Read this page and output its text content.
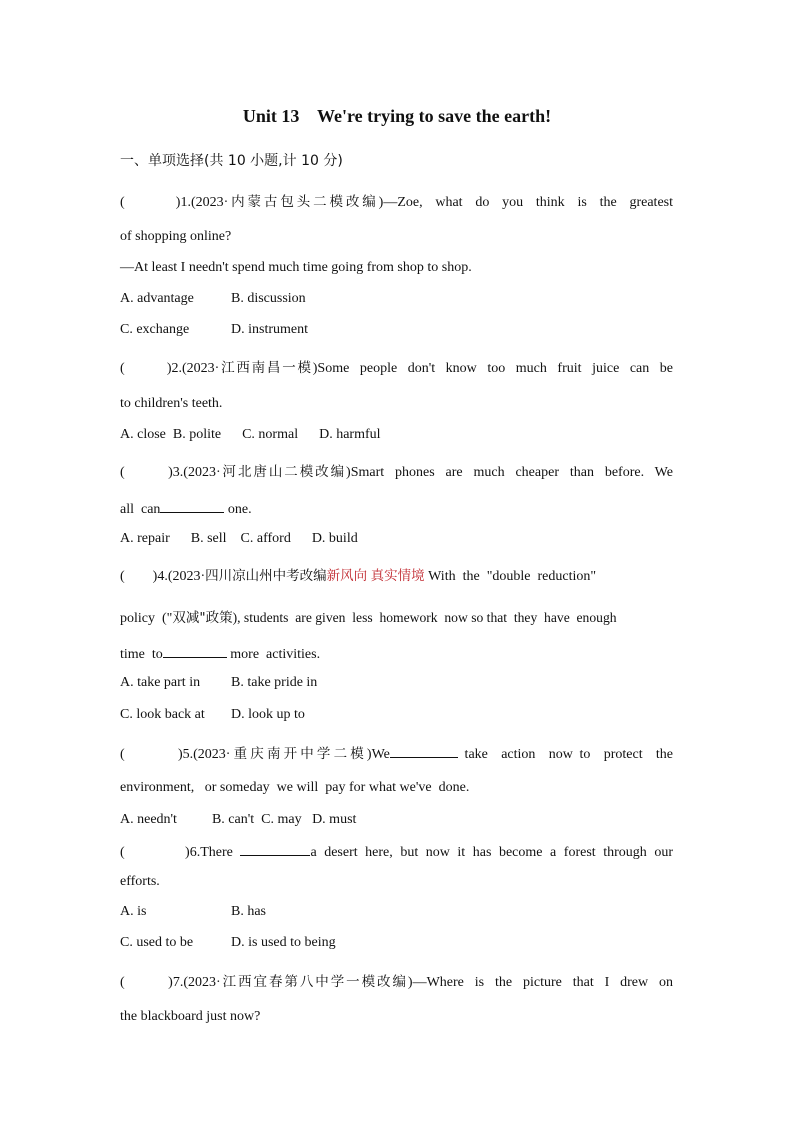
Unit 13    We're trying to save the earth!
一、单项选择(共 10 小题,计 10 分)
(        )1.(2023·内蒙古包头二模改编)—Zoe,  what  do  you  think  is  the  greatest
of shopping online?
—At least I needn't spend much time going from shop to shop.
A. advantage	B. discussion
C. exchange	D. instrument
(        )2.(2023·江西南昌一模)Some  people  don't  know  too  much  fruit  juice  can  be
to children's teeth.
A. close  B. polite      C. normal      D. harmful
(        )3.(2023·河北唐山二模改编)Smart  phones  are  much  cheaper  than  before.  We
all  can	one.
A. repair      B. sell    C. afford      D. build
(        )4.(2023·四川凉山州中考改编新风向 真实情境 With  the  "double  reduction"
policy  ("双减"政策), students  are given  less  homework  now so that  they  have  enough
time  to	more  activities.
A. take part in B. take pride in
C. look back at D. look up to
(        )5.(2023·重庆南开中学二模)We	take  action  now to  protect  the
environment,   or someday  we will  pay for what we've  done.
A. needn't          B. can't  C. may   D. must
(        )6.There	a desert here, but now it has become a forest through our
efforts.
A. is	B. has
C. used to be	D. is used to being
(        )7.(2023·江西宜春第八中学一模改编)—Where  is  the  picture  that  I  drew  on
the blackboard just now?
